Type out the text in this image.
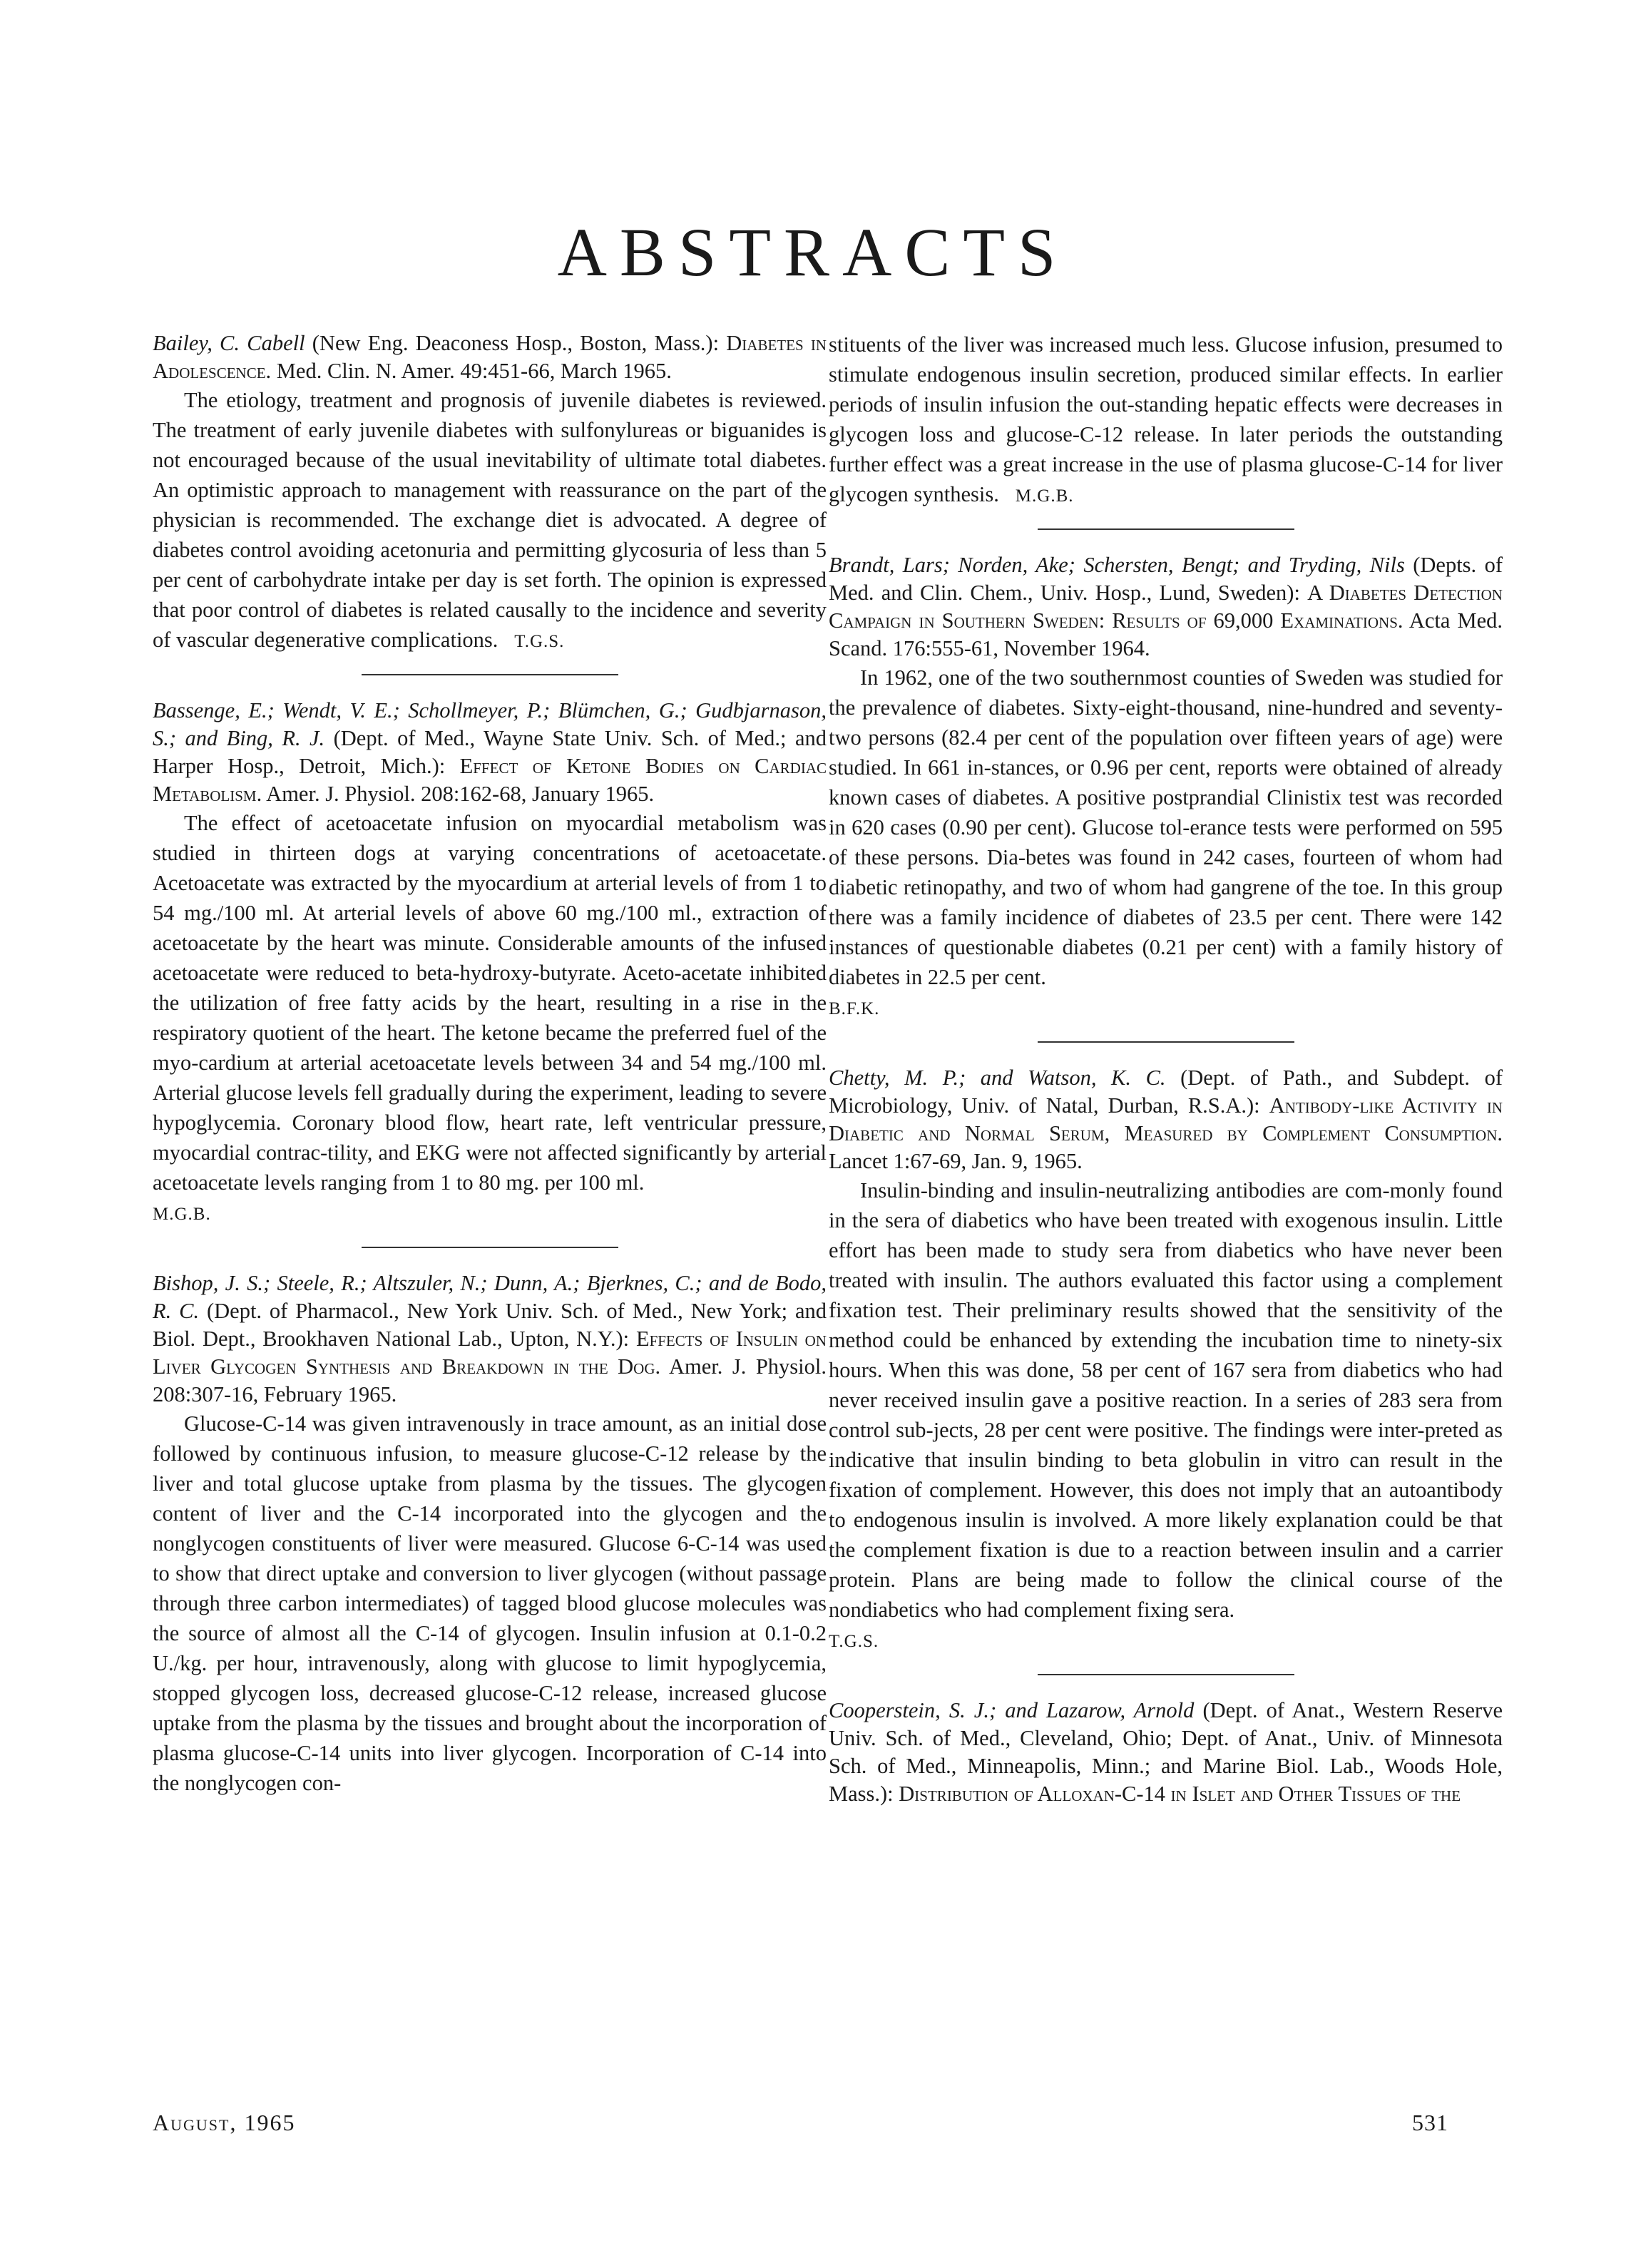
ABSTRACTS

Bailey, C. Cabell (New Eng. Deaconess Hosp., Boston, Mass.): Diabetes in Adolescence. Med. Clin. N. Amer. 49:451-66, March 1965.

The etiology, treatment and prognosis of juvenile diabetes is reviewed. The treatment of early juvenile diabetes with sulfonylureas or biguanides is not encouraged because of the usual inevitability of ultimate total diabetes. An optimistic approach to management with reassurance on the part of the physician is recommended. The exchange diet is advocated. A degree of diabetes control avoiding acetonuria and permitting glycosuria of less than 5 per cent of carbohydrate intake per day is set forth. The opinion is expressed that poor control of diabetes is related causally to the incidence and severity of vascular degenerative complications. T.G.S.

Bassenge, E.; Wendt, V. E.; Schollmeyer, P.; Blümchen, G.; Gudbjarnason, S.; and Bing, R. J. (Dept. of Med., Wayne State Univ. Sch. of Med.; and Harper Hosp., Detroit, Mich.): Effect of Ketone Bodies on Cardiac Metabolism. Amer. J. Physiol. 208:162-68, January 1965.

The effect of acetoacetate infusion on myocardial metabolism was studied in thirteen dogs at varying concentrations of acetoacetate. Acetoacetate was extracted by the myocardium at arterial levels of from 1 to 54 mg./100 ml. At arterial levels of above 60 mg./100 ml., extraction of acetoacetate by the heart was minute. Considerable amounts of the infused acetoacetate were reduced to beta-hydroxy-butyrate. Aceto-acetate inhibited the utilization of free fatty acids by the heart, resulting in a rise in the respiratory quotient of the heart. The ketone became the preferred fuel of the myo-cardium at arterial acetoacetate levels between 34 and 54 mg./100 ml. Arterial glucose levels fell gradually during the experiment, leading to severe hypoglycemia. Coronary blood flow, heart rate, left ventricular pressure, myocardial contrac-tility, and EKG were not affected significantly by arterial acetoacetate levels ranging from 1 to 80 mg. per 100 ml.
M.G.B.

Bishop, J. S.; Steele, R.; Altszuler, N.; Dunn, A.; Bjerknes, C.; and de Bodo, R. C. (Dept. of Pharmacol., New York Univ. Sch. of Med., New York; and Biol. Dept., Brookhaven National Lab., Upton, N.Y.): Effects of Insulin on Liver Glycogen Synthesis and Breakdown in the Dog. Amer. J. Physiol. 208:307-16, February 1965.

Glucose-C-14 was given intravenously in trace amount, as an initial dose followed by continuous infusion, to measure glucose-C-12 release by the liver and total glucose uptake from plasma by the tissues. The glycogen content of liver and the C-14 incorporated into the glycogen and the nonglycogen constituents of liver were measured. Glucose 6-C-14 was used to show that direct uptake and conversion to liver glycogen (without passage through three carbon intermediates) of tagged blood glucose molecules was the source of almost all the C-14 of glycogen. Insulin infusion at 0.1-0.2 U./kg. per hour, intravenously, along with glucose to limit hypoglycemia, stopped glycogen loss, decreased glucose-C-12 release, increased glucose uptake from the plasma by the tissues and brought about the incorporation of plasma glucose-C-14 units into liver glycogen. Incorporation of C-14 into the nonglycogen con-

stituents of the liver was increased much less. Glucose infusion, presumed to stimulate endogenous insulin secretion, produced similar effects. In earlier periods of insulin infusion the out-standing hepatic effects were decreases in glycogen loss and glucose-C-12 release. In later periods the outstanding further effect was a great increase in the use of plasma glucose-C-14 for liver glycogen synthesis. M.G.B.

Brandt, Lars; Norden, Ake; Schersten, Bengt; and Tryding, Nils (Depts. of Med. and Clin. Chem., Univ. Hosp., Lund, Sweden): A Diabetes Detection Campaign in Southern Sweden: Results of 69,000 Examinations. Acta Med. Scand. 176:555-61, November 1964.

In 1962, one of the two southernmost counties of Sweden was studied for the prevalence of diabetes. Sixty-eight-thousand, nine-hundred and seventy-two persons (82.4 per cent of the population over fifteen years of age) were studied. In 661 in-stances, or 0.96 per cent, reports were obtained of already known cases of diabetes. A positive postprandial Clinistix test was recorded in 620 cases (0.90 per cent). Glucose tol-erance tests were performed on 595 of these persons. Dia-betes was found in 242 cases, fourteen of whom had diabetic retinopathy, and two of whom had gangrene of the toe. In this group there was a family incidence of diabetes of 23.5 per cent. There were 142 instances of questionable diabetes (0.21 per cent) with a family history of diabetes in 22.5 per cent.
B.F.K.

Chetty, M. P.; and Watson, K. C. (Dept. of Path., and Subdept. of Microbiology, Univ. of Natal, Durban, R.S.A.): Antibody-like Activity in Diabetic and Normal Serum, Measured by Complement Consumption. Lancet 1:67-69, Jan. 9, 1965.

Insulin-binding and insulin-neutralizing antibodies are com-monly found in the sera of diabetics who have been treated with exogenous insulin. Little effort has been made to study sera from diabetics who have never been treated with insulin. The authors evaluated this factor using a complement fixation test. Their preliminary results showed that the sensitivity of the method could be enhanced by extending the incubation time to ninety-six hours. When this was done, 58 per cent of 167 sera from diabetics who had never received insulin gave a positive reaction. In a series of 283 sera from control sub-jects, 28 per cent were positive. The findings were inter-preted as indicative that insulin binding to beta globulin in vitro can result in the fixation of complement. However, this does not imply that an autoantibody to endogenous insulin is involved. A more likely explanation could be that the complement fixation is due to a reaction between insulin and a carrier protein. Plans are being made to follow the clinical course of the nondiabetics who had complement fixing sera.
T.G.S.

Cooperstein, S. J.; and Lazarow, Arnold (Dept. of Anat., Western Reserve Univ. Sch. of Med., Cleveland, Ohio; Dept. of Anat., Univ. of Minnesota Sch. of Med., Minneapolis, Minn.; and Marine Biol. Lab., Woods Hole, Mass.): Distribution of Alloxan-C-14 in Islet and Other Tissues of the

August, 1965	531
